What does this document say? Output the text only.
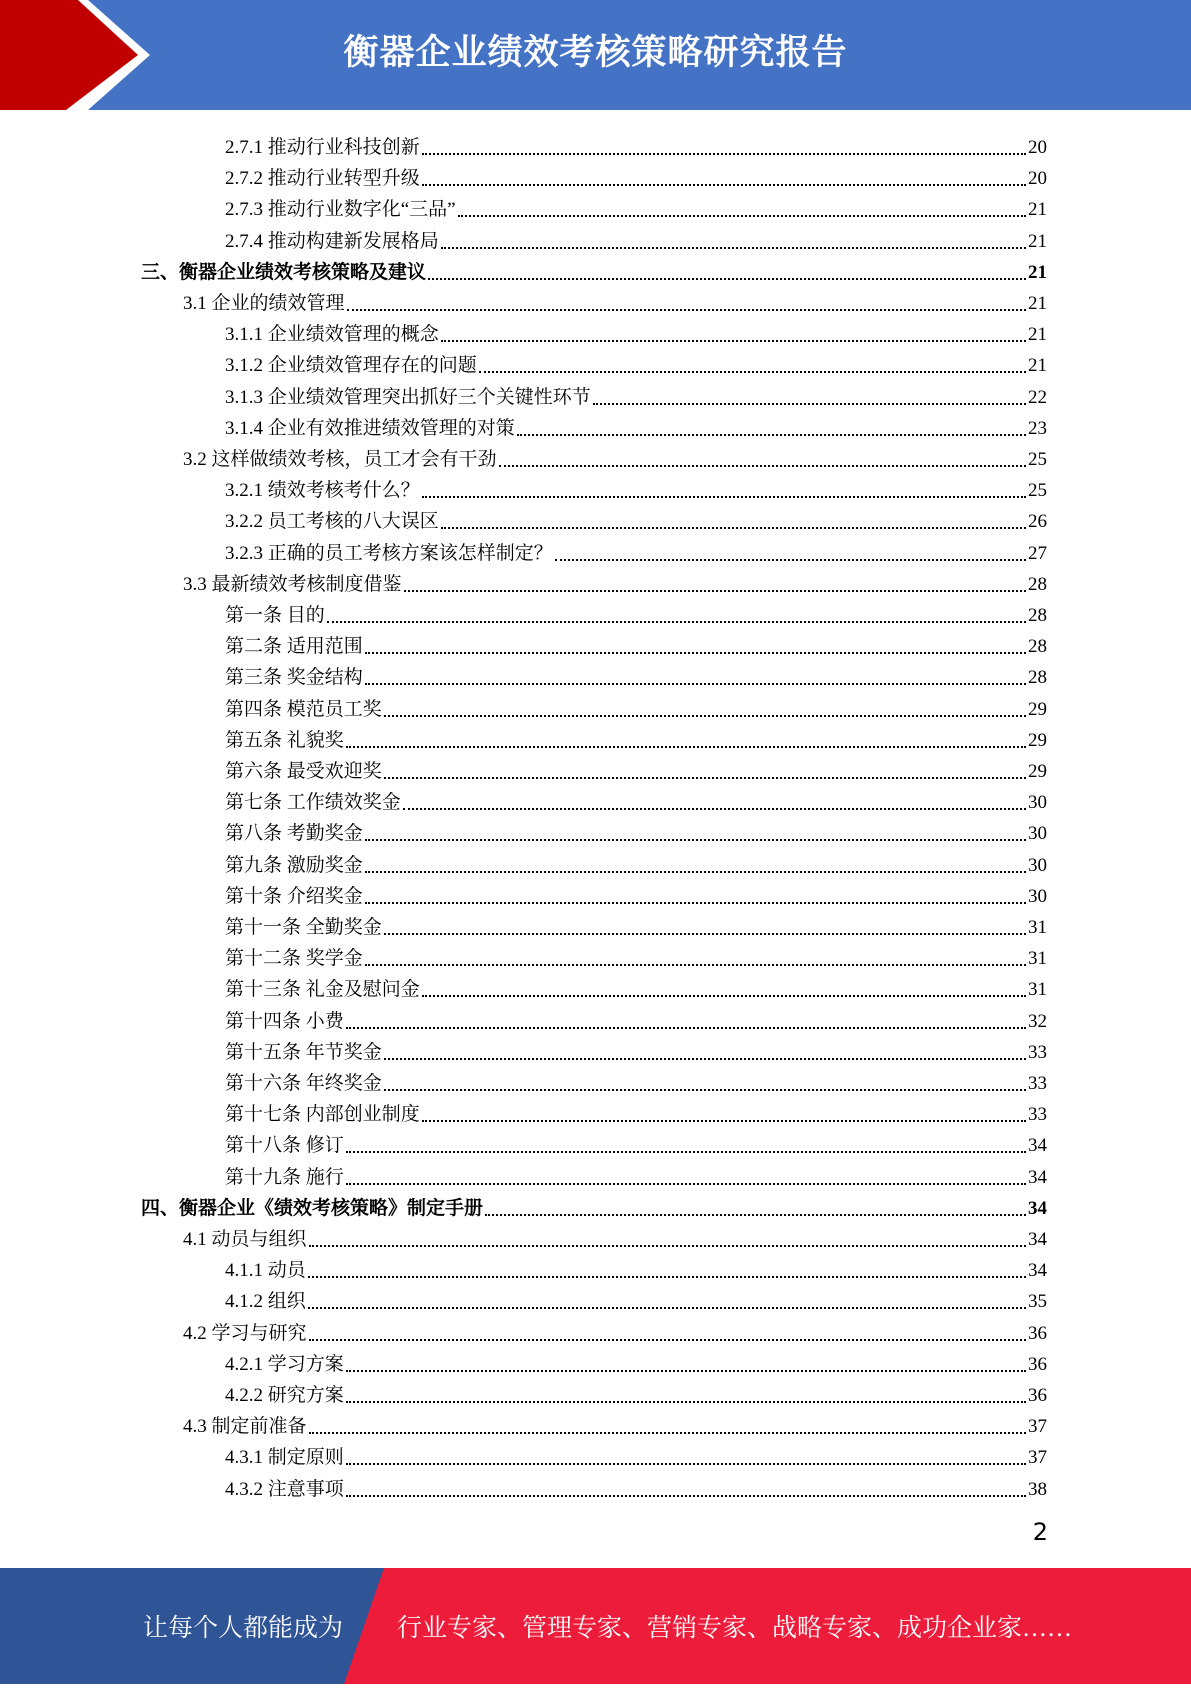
衡器企业绩效考核策略研究报告
2.7.1 推动行业科技创新	20
2.7.2 推动行业转型升级	20
2.7.3 推动行业数字化“三品”	21
2.7.4 推动构建新发展格局	21
三、衡器企业绩效考核策略及建议	21
3.1 企业的绩效管理	21
3.1.1 企业绩效管理的概念	21
3.1.2 企业绩效管理存在的问题	21
3.1.3 企业绩效管理突出抓好三个关键性环节	22
3.1.4 企业有效推进绩效管理的对策	23
3.2 这样做绩效考核，员工才会有干劲	25
3.2.1 绩效考核考什么？	25
3.2.2 员工考核的八大误区	26
3.2.3 正确的员工考核方案该怎样制定？	27
3.3 最新绩效考核制度借鉴	28
第一条 目的	28
第二条 适用范围	28
第三条 奖金结构	28
第四条 模范员工奖	29
第五条 礼貌奖	29
第六条 最受欢迎奖	29
第七条 工作绩效奖金	30
第八条 考勤奖金	30
第九条 激励奖金	30
第十条 介绍奖金	30
第十一条 全勤奖金	31
第十二条 奖学金	31
第十三条 礼金及慰问金	31
第十四条 小费	32
第十五条 年节奖金	33
第十六条 年终奖金	33
第十七条 内部创业制度	33
第十八条 修订	34
第十九条 施行	34
四、衡器企业《绩效考核策略》制定手册	34
4.1 动员与组织	34
4.1.1 动员	34
4.1.2 组织	35
4.2 学习与研究	36
4.2.1 学习方案	36
4.2.2 研究方案	36
4.3 制定前准备	37
4.3.1 制定原则	37
4.3.2 注意事项	38
2
让每个人都能成为 行业专家、管理专家、营销专家、战略专家、成功企业家……
